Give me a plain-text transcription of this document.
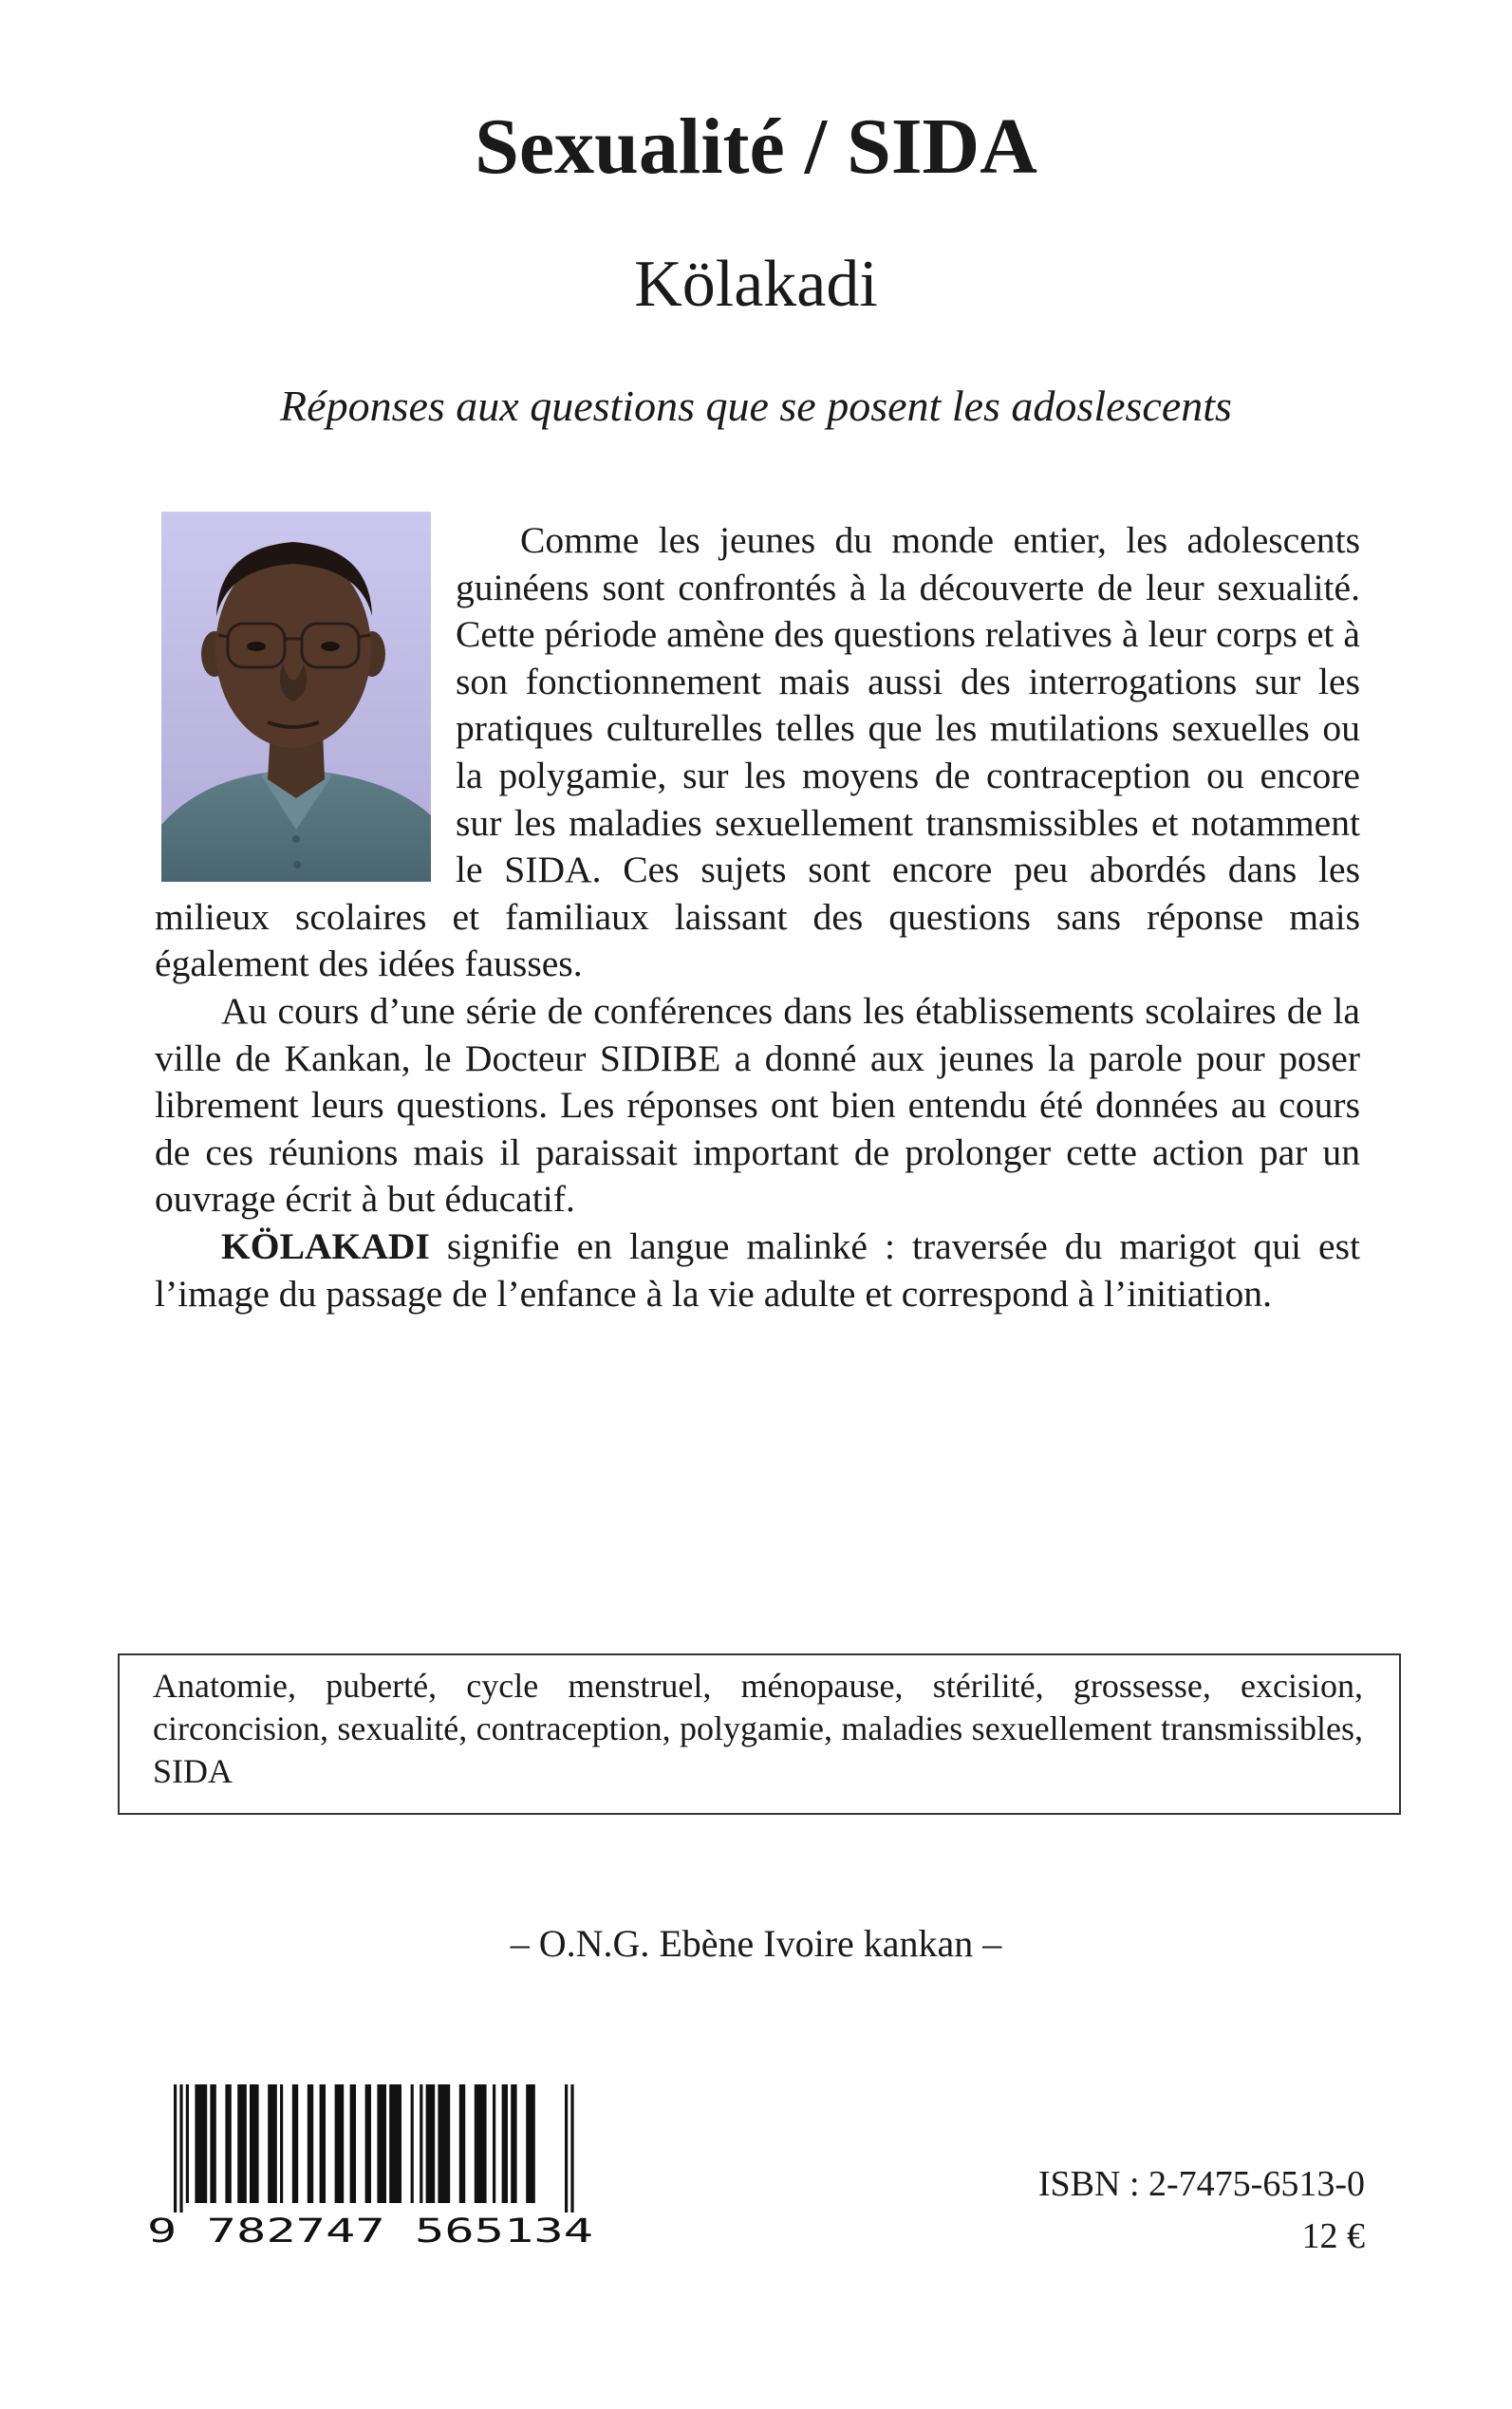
Sexualité / SIDA
Kölakadi
Réponses aux questions que se posent les adoslescents

Comme les jeunes du monde entier, les adolescents guinéens sont confrontés à la découverte de leur sexualité. Cette période amène des questions relatives à leur corps et à son fonctionnement mais aussi des interrogations sur les pratiques culturelles telles que les mutilations sexuelles ou la polygamie, sur les moyens de contraception ou encore sur les maladies sexuellement transmissibles et notamment le SIDA. Ces sujets sont encore peu abordés dans les milieux scolaires et familiaux laissant des questions sans réponse mais également des idées fausses.

Au cours d’une série de conférences dans les établissements scolaires de la ville de Kankan, le Docteur SIDIBE a donné aux jeunes la parole pour poser librement leurs questions. Les réponses ont bien entendu été données au cours de ces réunions mais il paraissait important de prolonger cette action par un ouvrage écrit à but éducatif.

KÖLAKADI signifie en langue malinké : traversée du marigot qui est l’image du passage de l’enfance à la vie adulte et correspond à l’initiation.

Anatomie, puberté, cycle menstruel, ménopause, stérilité, grossesse, excision, circoncision, sexualité, contraception, polygamie, maladies sexuellement transmissibles, SIDA
– O.N.G. Ebène Ivoire kankan –
9 782747 565134
ISBN : 2-7475-6513-0
12 €
